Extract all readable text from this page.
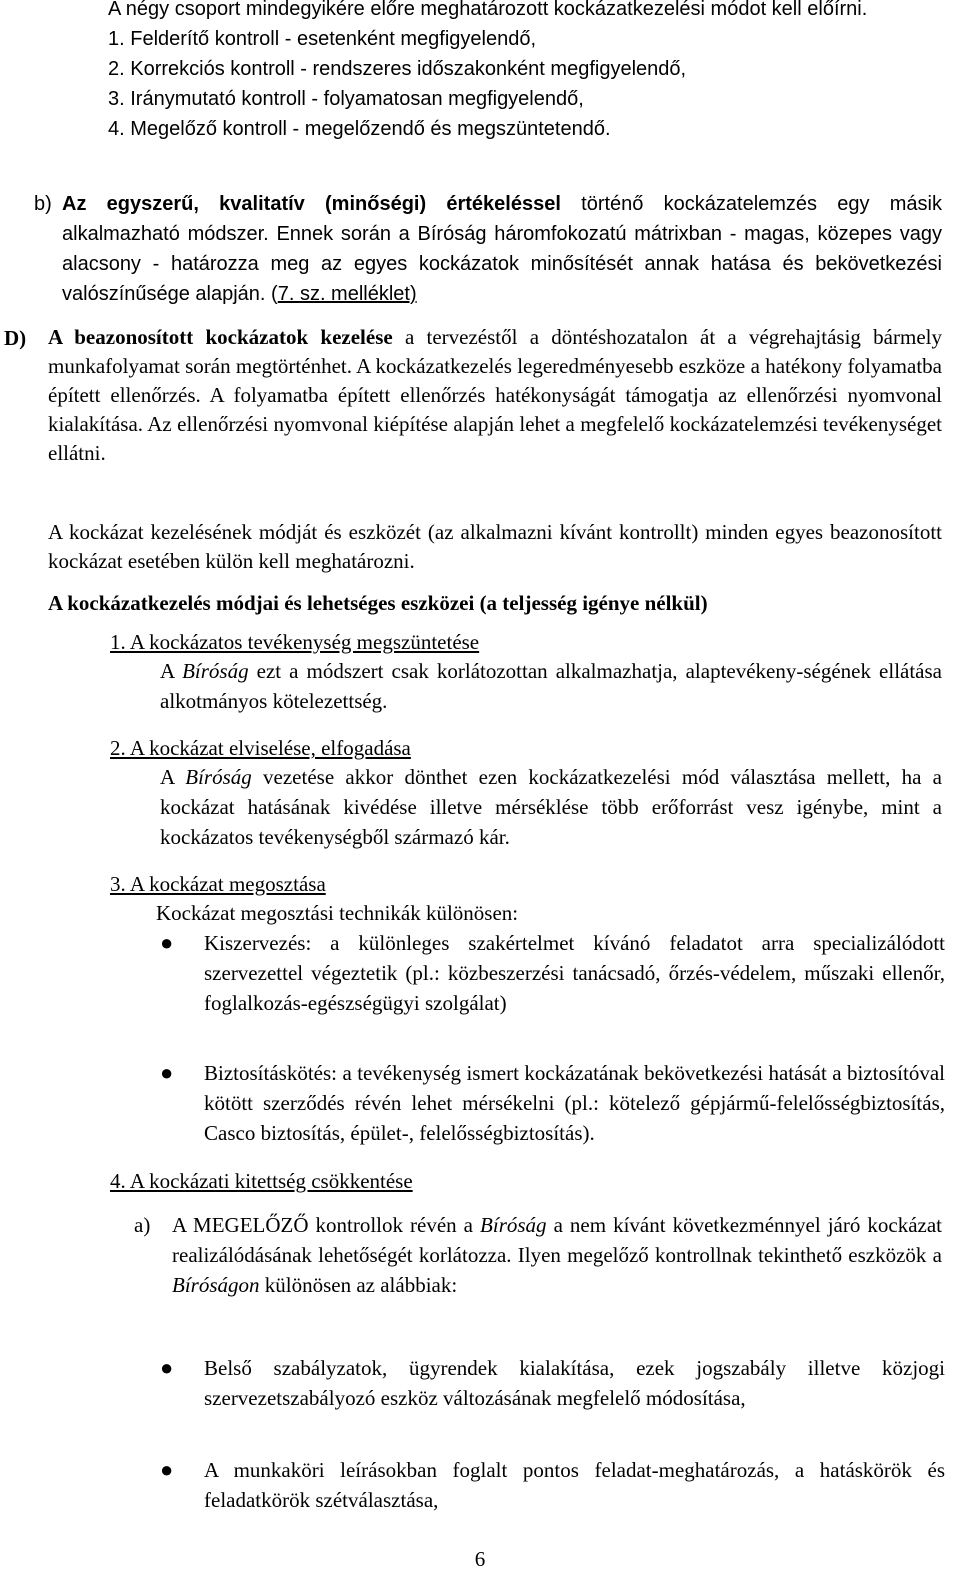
A négy csoport mindegyikére előre meghatározott kockázatkezelési módot kell előírni.
1. Felderítő kontroll - esetenként megfigyelendő,
2. Korrekciós kontroll - rendszeres időszakonként megfigyelendő,
3. Iránymutató kontroll - folyamatosan megfigyelendő,
4. Megelőző kontroll - megelőzendő és megszüntetendő.
b) Az egyszerű, kvalitatív (minőségi) értékeléssel történő kockázatelemzés egy másik alkalmazható módszer. Ennek során a Bíróság háromfokozatú mátrixban - magas, közepes vagy alacsony - határozza meg az egyes kockázatok minősítését annak hatása és bekövetkezési valószínűsége alapján. (7. sz. melléklet)
D) A beazonosított kockázatok kezelése a tervezéstől a döntéshozatalon át a végrehajtásig bármely munkafolyamat során megtörténhet. A kockázatkezelés legeredményesebb eszköze a hatékony folyamatba épített ellenőrzés. A folyamatba épített ellenőrzés hatékonyságát támogatja az ellenőrzési nyomvonal kialakítása. Az ellenőrzési nyomvonal kiépítése alapján lehet a megfelelő kockázatelemzési tevékenységet ellátni.
A kockázat kezelésének módját és eszközét (az alkalmazni kívánt kontrollt) minden egyes beazonosított kockázat esetében külön kell meghatározni.
A kockázatkezelés módjai és lehetséges eszközei (a teljesség igénye nélkül)
1. A kockázatos tevékenység megszüntetése
A Bíróság ezt a módszert csak korlátozottan alkalmazhatja, alaptevékeny-ségének ellátása alkotmányos kötelezettség.
2. A kockázat elviselése, elfogadása
A Bíróság vezetése akkor dönthet ezen kockázatkezelési mód választása mellett, ha a kockázat hatásának kivédése illetve mérséklése több erőforrást vesz igénybe, mint a kockázatos tevékenységből származó kár.
3. A kockázat megosztása
Kockázat megosztási technikák különösen:
●	Kiszervezés: a különleges szakértelmet kívánó feladatot arra specializálódott szervezettel végeztetik (pl.: közbeszerzési tanácsadó, őrzés-védelem, műszaki ellenőr, foglalkozás-egészségügyi szolgálat)
●	Biztosításkötés: a tevékenység ismert kockázatának bekövetkezési hatását a biztosítóval kötött szerződés révén lehet mérsékelni (pl.: kötelező gépjármű-felelősségbiztosítás, Casco biztosítás, épület-, felelősségbiztosítás).
4. A kockázati kitettség csökkentése
a) A MEGELŐZŐ kontrollok révén a Bíróság a nem kívánt következménnyel járó kockázat realizálódásának lehetőségét korlátozza. Ilyen megelőző kontrollnak tekinthető eszközök a Bíróságon különösen az alábbiak:
●	Belső szabályzatok, ügyrendek kialakítása, ezek jogszabály illetve közjogi szervezetszabályozó eszköz változásának megfelelő módosítása,
●	A munkaköri leírásokban foglalt pontos feladat-meghatározás, a hatáskörök és feladatkörök szétválasztása,
6
